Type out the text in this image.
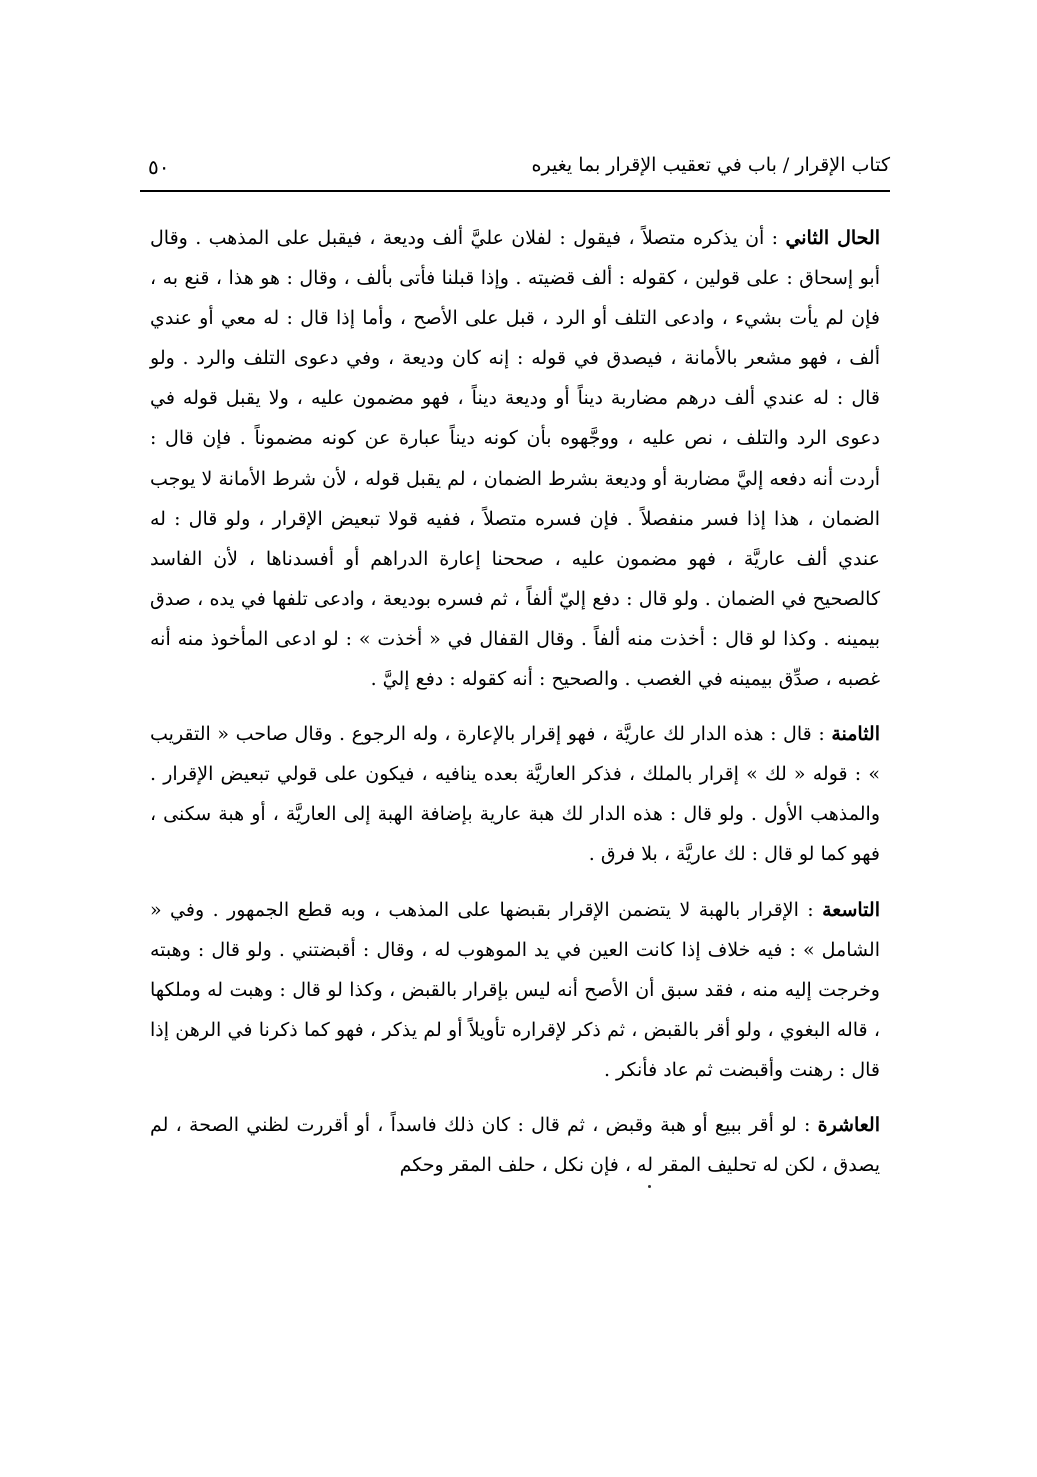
كتاب الإقرار / باب في تعقيب الإقرار بما يغيره
٥٠

الحال الثاني : أن يذكره متصلاً ، فيقول : لفلان عليَّ ألف وديعة ، فيقبل على المذهب . وقال أبو إسحاق : على قولين ، كقوله : ألف قضيته . وإذا قبلنا فأتى بألف ، وقال : هو هذا ، قنع به ، فإن لم يأت بشيء ، وادعى التلف أو الرد ، قبل على الأصح ، وأما إذا قال : له معي أو عندي ألف ، فهو مشعر بالأمانة ، فيصدق في قوله : إنه كان وديعة ، وفي دعوى التلف والرد . ولو قال : له عندي ألف درهم مضاربة ديناً أو وديعة ديناً ، فهو مضمون عليه ، ولا يقبل قوله في دعوى الرد والتلف ، نص عليه ، ووجَّهوه بأن كونه ديناً عبارة عن كونه مضموناً . فإن قال : أردت أنه دفعه إليَّ مضاربة أو وديعة بشرط الضمان ، لم يقبل قوله ، لأن شرط الأمانة لا يوجب الضمان ، هذا إذا فسر منفصلاً . فإن فسره متصلاً ، ففيه قولا تبعيض الإقرار ، ولو قال : له عندي ألف عاريَّة ، فهو مضمون عليه ، صححنا إعارة الدراهم أو أفسدناها ، لأن الفاسد كالصحيح في الضمان . ولو قال : دفع إليّ ألفاً ، ثم فسره بوديعة ، وادعى تلفها في يده ، صدق بيمينه . وكذا لو قال : أخذت منه ألفاً . وقال القفال في « أخذت » : لو ادعى المأخوذ منه أنه غصبه ، صدِّق بيمينه في الغصب . والصحيح : أنه كقوله : دفع إليَّ .

الثامنة : قال : هذه الدار لك عاريَّة ، فهو إقرار بالإعارة ، وله الرجوع . وقال صاحب « التقريب » : قوله « لك » إقرار بالملك ، فذكر العاريَّة بعده ينافيه ، فيكون على قولي تبعيض الإقرار . والمذهب الأول . ولو قال : هذه الدار لك هبة عارية بإضافة الهبة إلى العاريَّة ، أو هبة سكنى ، فهو كما لو قال : لك عاريَّة ، بلا فرق .

التاسعة : الإقرار بالهبة لا يتضمن الإقرار بقبضها على المذهب ، وبه قطع الجمهور . وفي « الشامل » : فيه خلاف إذا كانت العين في يد الموهوب له ، وقال : أقبضتني . ولو قال : وهبته وخرجت إليه منه ، فقد سبق أن الأصح أنه ليس بإقرار بالقبض ، وكذا لو قال : وهبت له وملكها ، قاله البغوي ، ولو أقر بالقبض ، ثم ذكر لإقراره تأويلاً أو لم يذكر ، فهو كما ذكرنا في الرهن إذا قال : رهنت وأقبضت ثم عاد فأنكر .

العاشرة : لو أقر ببيع أو هبة وقبض ، ثم قال : كان ذلك فاسداً ، أو أقررت لظني الصحة ، لم يصدق ، لكن له تحليف المقر له ، فإن نكل ، حلف المقر وحكم
